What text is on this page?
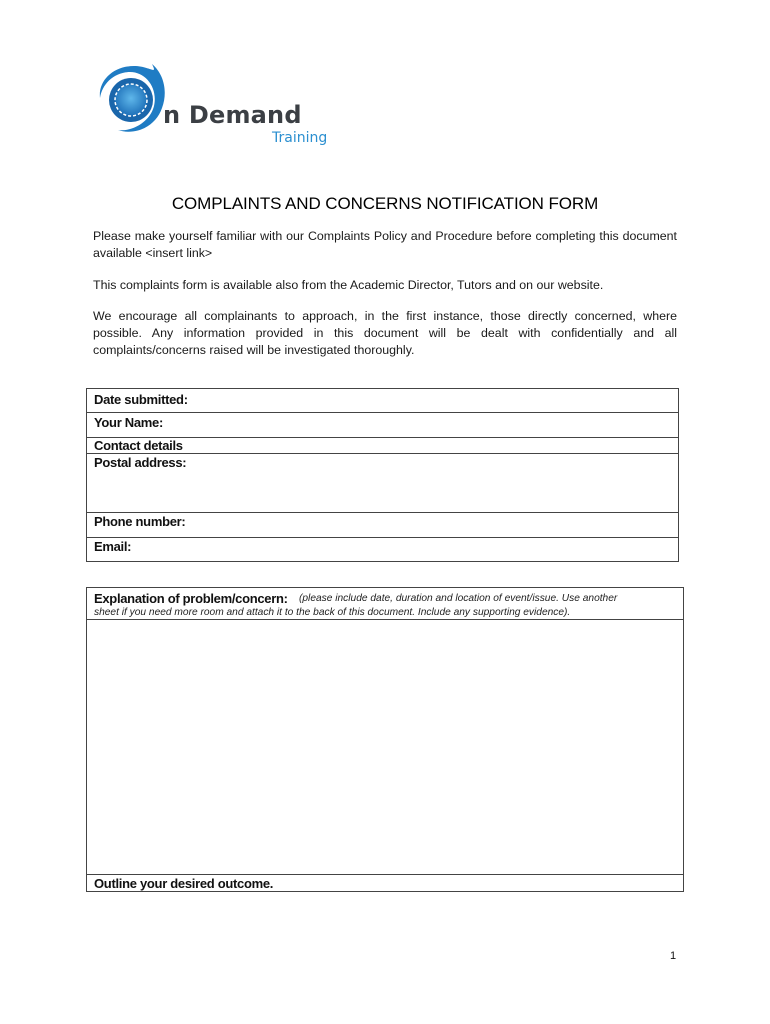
n Demand
Training
COMPLAINTS AND CONCERNS NOTIFICATION FORM
Please make yourself familiar with our Complaints Policy and Procedure before completing this document available <insert link>
This complaints form is available also from the Academic Director, Tutors and on our website.
We encourage all complainants to approach, in the first instance, those directly concerned, where possible. Any information provided in this document will be dealt with confidentially and all complaints/concerns raised will be investigated thoroughly.
Date submitted:
Your Name:
Contact details
Postal address:
Phone number:
Email:
Explanation of problem/concern: (please include date, duration and location of event/issue. Use another
sheet if you need more room and attach it to the back of this document. Include any supporting evidence).
Outline your desired outcome.
1
